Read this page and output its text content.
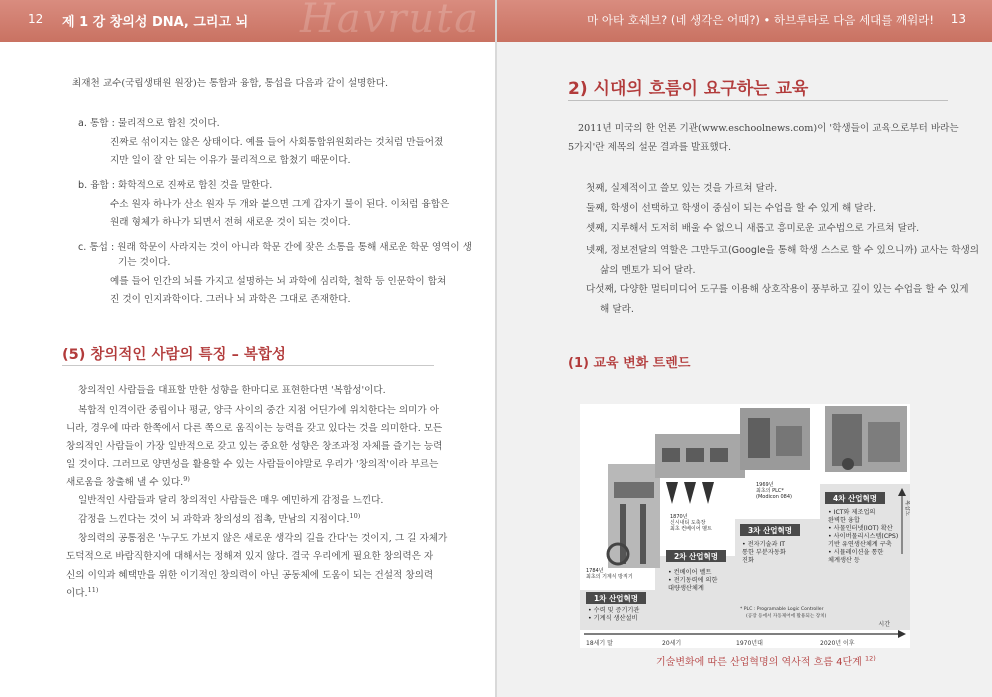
12 제 1 강 창의성 DNA, 그리고 뇌 Havruta
최재천 교수(국립생태원 원장)는 통합과 융합, 통섭을 다음과 같이 설명한다.
a. 통합 : 물리적으로 합친 것이다.
진짜로 섞이지는 않은 상태이다. 예를 들어 사회통합위원회라는 것처럼 만들어졌
지만 일이 잘 안 되는 이유가 물리적으로 합쳤기 때문이다.
b. 융합 : 화학적으로 진짜로 합친 것을 말한다.
수소 원자 하나가 산소 원자 두 개와 붙으면 그게 갑자기 물이 된다. 이처럼 융합은
원래 형체가 하나가 되면서 전혀 새로운 것이 되는 것이다.
c. 통섭 : 원래 학문이 사라지는 것이 아니라 학문 간에 잦은 소통을 통해 새로운 학문 영역이 생
기는 것이다.
예를 들어 인간의 뇌를 가지고 설명하는 뇌 과학에 심리학, 철학 등 인문학이 합쳐
진 것이 인지과학이다. 그러나 뇌 과학은 그대로 존재한다.
(5) 창의적인 사람의 특징 – 복합성
창의적인 사람들을 대표할 만한 성향을 한마디로 표현한다면 '복합성'이다.
복합적 인격이란 중립이나 평균, 양극 사이의 중간 지점 어딘가에 위치한다는 의미가 아
니라, 경우에 따라 한쪽에서 다른 쪽으로 움직이는 능력을 갖고 있다는 것을 의미한다. 모든
창의적인 사람들이 가장 일반적으로 갖고 있는 중요한 성향은 창조과정 자체를 즐기는 능력
일 것이다. 그러므로 양면성을 활용할 수 있는 사람들이야말로 우리가 '창의적'이라 부르는
새로움을 창출해 낼 수 있다.$^{9)}$
일반적인 사람들과 달리 창의적인 사람들은 매우 예민하게 감정을 느낀다.
감정을 느낀다는 것이 뇌 과학과 창의성의 접촉, 만남의 지점이다.$^{10)}$
창의력의 공통점은 '누구도 가보지 않은 새로운 생각의 길을 간다'는 것이지, 그 길 자체가
도덕적으로 바람직한지에 대해서는 정해져 있지 않다. 결국 우리에게 필요한 창의력은 자
신의 이익과 혜택만을 위한 이기적인 창의력이 아닌 공동체에 도움이 되는 건설적 창의력
이다.$^{11)}$
마 아타 호쉐브? (네 생각은 어때?) • 하브루타로 다음 세대를 깨워라! 13
2) 시대의 흐름이 요구하는 교육
2011년 미국의 한 언론 기관(www.eschoolnews.com)이 '학생들이 교육으로부터 바라는
5가지'란 제목의 설문 결과를 발표했다.
첫째, 실제적이고 쓸모 있는 것을 가르쳐 달라.
둘째, 학생이 선택하고 학생이 중심이 되는 수업을 할 수 있게 해 달라.
셋째, 지루해서 도저히 배울 수 없으니 새롭고 흥미로운 교수법으로 가르쳐 달라.
넷째, 정보전달의 역할은 그만두고(Google을 통해 학생 스스로 할 수 있으니까) 교사는 학생의
삶의 멘토가 되어 달라.
다섯째, 다양한 멀티미디어 도구를 이용해 상호작용이 풍부하고 깊이 있는 수업을 할 수 있게
해 달라.
(1) 교육 변화 트렌드
기술변화에 따른 산업혁명의 역사적 흐름 4단계 $^{12)}$
1차 산업혁명
2차 산업혁명
3차 산업혁명
4차 산업혁명
• 수력 및 증기기관
• 기계식 생산설비
• 컨베이어 벨트
• 전기동력에 의한
대량생산체계
• 전자기술과 IT
통한 부분자동화
진화
• ICT와 제조업의
완벽한 융합
• 사물인터넷(IOT) 확산
• 사이버물리시스템(CPS)
기반 유연생산체계 구축
• 시뮬레이션을 통한
체계생산 등
1784년
최초의 기계식 방직기
1870년
신시내티 도축장
최초 컨베이어 벨트
1969년
최초의 PLC*
(Modicon 084)
* PLC : Programable Logic Controller
(공장 등에서 자동제어에 활용되는 장치)
시간
18세기 말	20세기	1970년대	2020년 이후
복잡도
